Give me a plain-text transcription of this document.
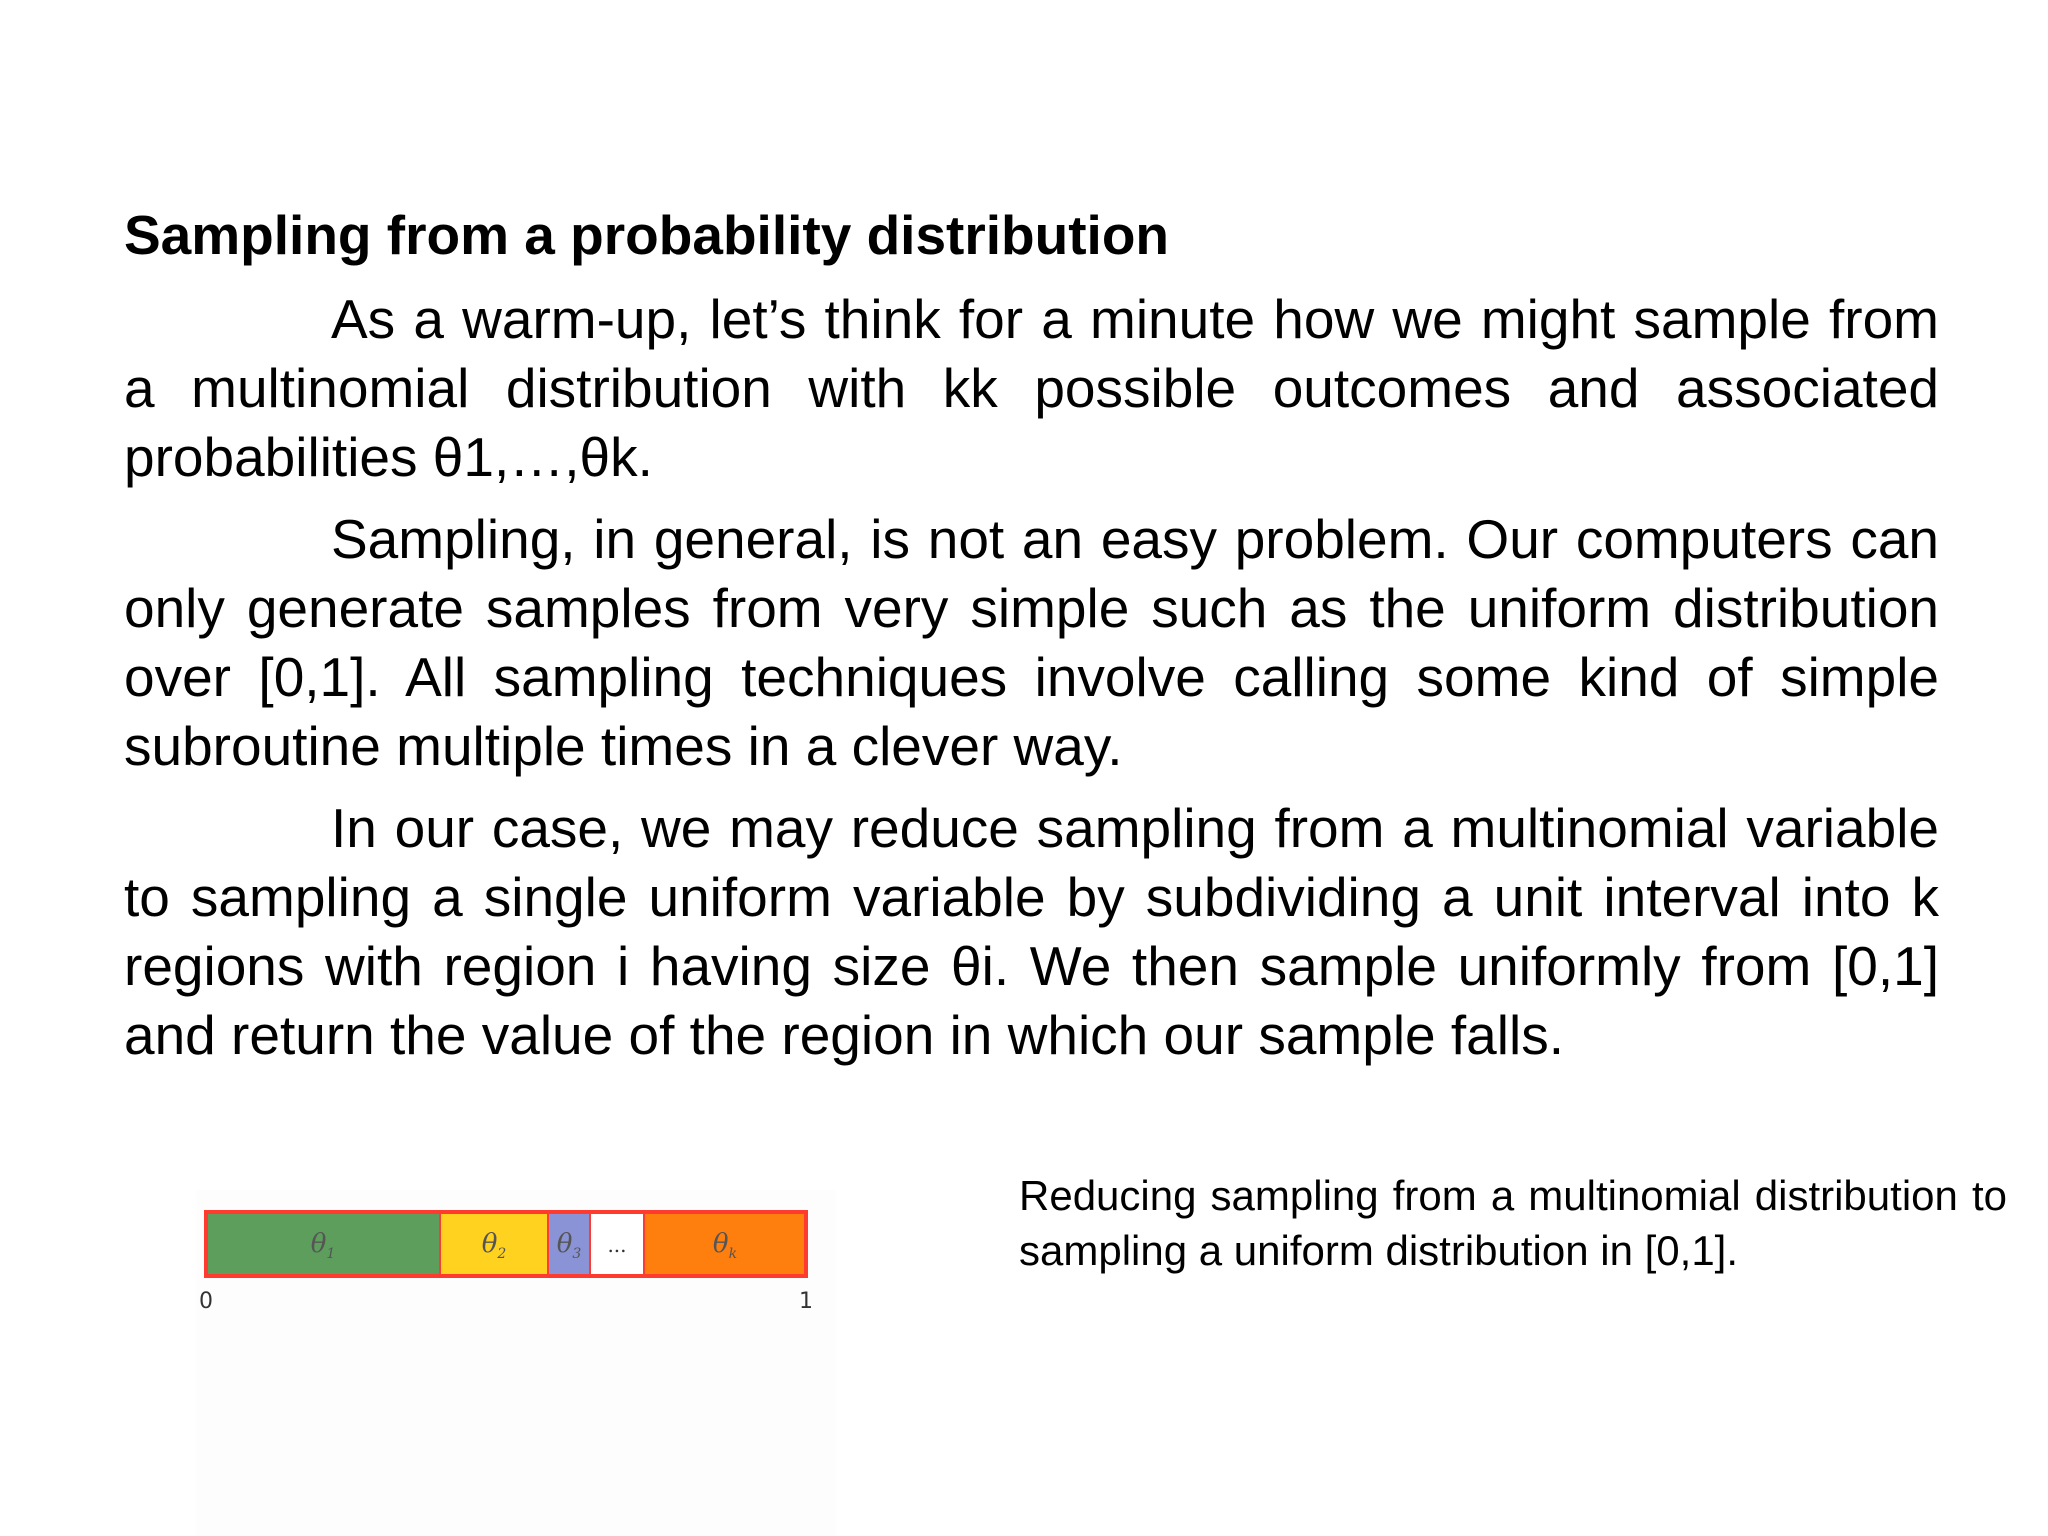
Sampling from a probability distribution

As a warm-up, let’s think for a minute how we might sample from a multinomial distribution with kk possible outcomes and associated probabilities θ1,…,θk.

Sampling, in general, is not an easy problem. Our computers can only generate samples from very simple such as the uniform distribution over [0,1]. All sampling techniques involve calling some kind of simple subroutine multiple times in a clever way.

In our case, we may reduce sampling from a multinomial variable to sampling a single uniform variable by subdividing a unit interval into k regions with region i having size θi. We then sample uniformly from [0,1] and return the value of the region in which our sample falls.

$\theta_1$	$\theta_2$ $\theta_3$ ...	$\theta_k$
0	1

Reducing sampling from a multinomial distribution to sampling a uniform distribution in [0,1].
